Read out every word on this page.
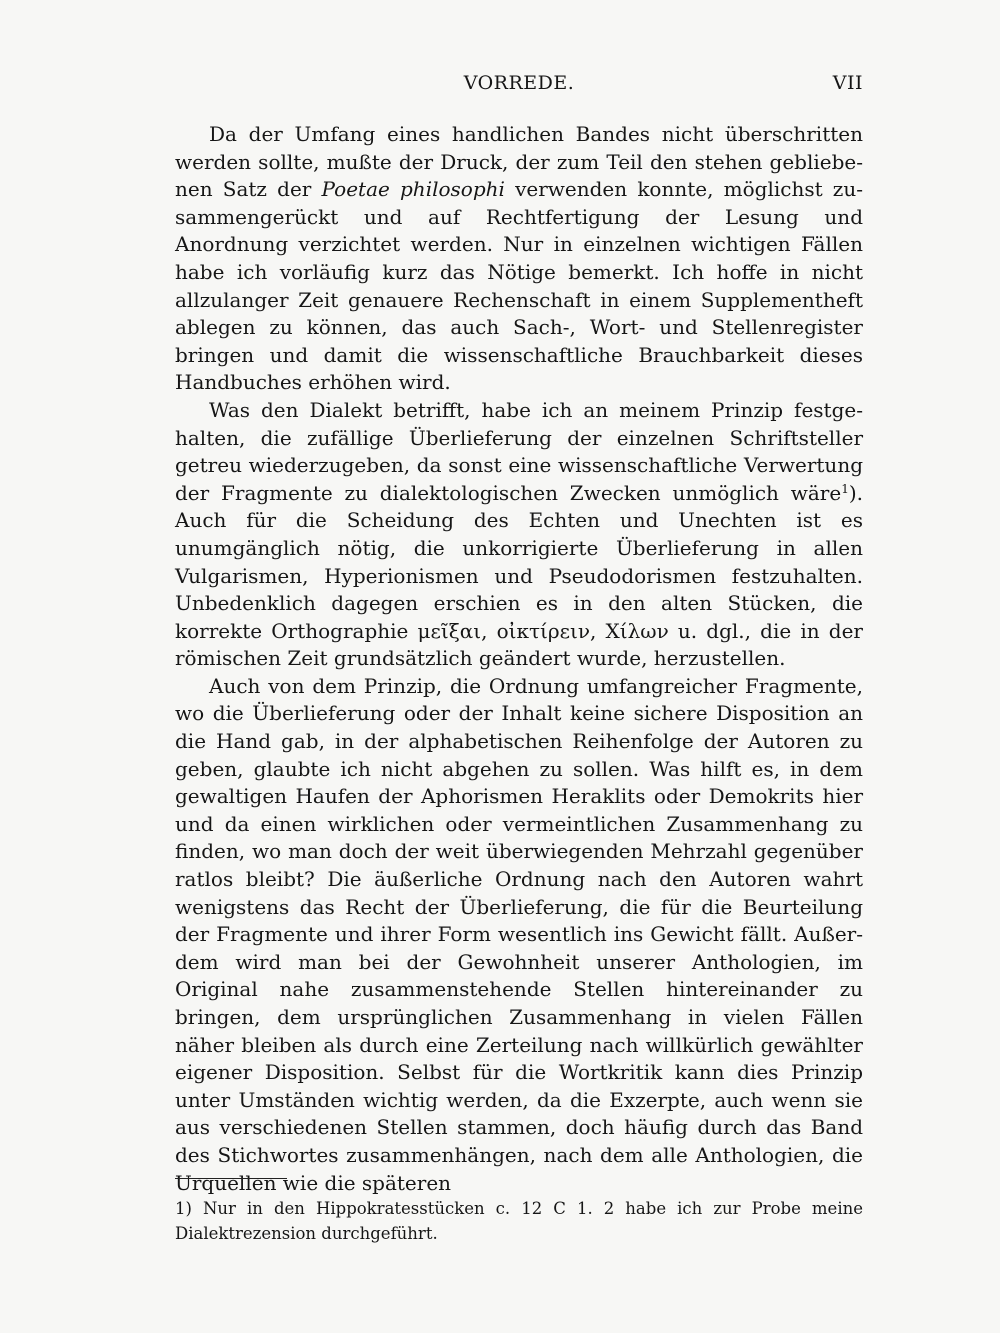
VORREDE.	VII

Da der Umfang eines handlichen Bandes nicht überschritten werden sollte, mußte der Druck, der zum Teil den stehen gebliebenen Satz der Poetae philosophi verwenden konnte, möglichst zusammengerückt und auf Rechtfertigung der Lesung und Anordnung verzichtet werden. Nur in einzelnen wichtigen Fällen habe ich vorläufig kurz das Nötige bemerkt. Ich hoffe in nicht allzulanger Zeit genauere Rechenschaft in einem Supplementheft ablegen zu können, das auch Sach-, Wort- und Stellenregister bringen und damit die wissenschaftliche Brauchbarkeit dieses Handbuches erhöhen wird.

Was den Dialekt betrifft, habe ich an meinem Prinzip festgehalten, die zufällige Überlieferung der einzelnen Schriftsteller getreu wiederzugeben, da sonst eine wissenschaftliche Verwertung der Fragmente zu dialektologischen Zwecken unmöglich wäre$^1$). Auch für die Scheidung des Echten und Unechten ist es unumgänglich nötig, die unkorrigierte Überlieferung in allen Vulgarismen, Hyperionismen und Pseudodorismen festzuhalten. Unbedenklich dagegen erschien es in den alten Stücken, die korrekte Orthographie μεῖξαι, οἰκτίρειν, Χίλων u. dgl., die in der römischen Zeit grundsätzlich geändert wurde, herzustellen.

Auch von dem Prinzip, die Ordnung umfangreicher Fragmente, wo die Überlieferung oder der Inhalt keine sichere Disposition an die Hand gab, in der alphabetischen Reihenfolge der Autoren zu geben, glaubte ich nicht abgehen zu sollen. Was hilft es, in dem gewaltigen Haufen der Aphorismen Heraklits oder Demokrits hier und da einen wirklichen oder vermeintlichen Zusammenhang zu finden, wo man doch der weit überwiegenden Mehrzahl gegenüber ratlos bleibt? Die äußerliche Ordnung nach den Autoren wahrt wenigstens das Recht der Überlieferung, die für die Beurteilung der Fragmente und ihrer Form wesentlich ins Gewicht fällt. Außerdem wird man bei der Gewohnheit unserer Anthologien, im Original nahe zusammenstehende Stellen hintereinander zu bringen, dem ursprünglichen Zusammenhang in vielen Fällen näher bleiben als durch eine Zerteilung nach willkürlich gewählter eigener Disposition. Selbst für die Wortkritik kann dies Prinzip unter Umständen wichtig werden, da die Exzerpte, auch wenn sie aus verschiedenen Stellen stammen, doch häufig durch das Band des Stichwortes zusammenhängen, nach dem alle Anthologien, die Urquellen wie die späteren

1) Nur in den Hippokratesstücken c. 12 C 1. 2 habe ich zur Probe meine Dialektrezension durchgeführt.
